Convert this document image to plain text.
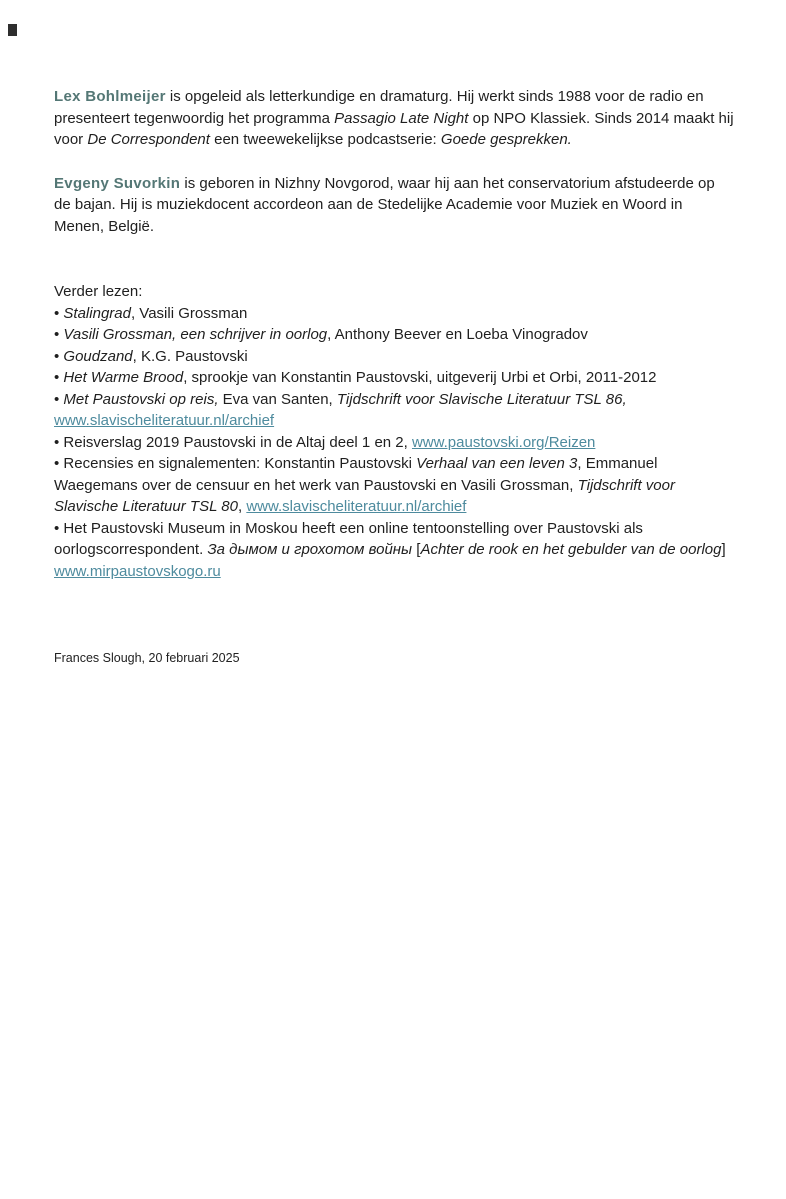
Lex Bohlmeijer is opgeleid als letterkundige en dramaturg. Hij werkt sinds 1988 voor de radio en presenteert tegenwoordig het programma Passagio Late Night op NPO Klassiek. Sinds 2014 maakt hij voor De Correspondent een tweewekelijkse podcastserie: Goede gesprekken.

Evgeny Suvorkin is geboren in Nizhny Novgorod, waar hij aan het conservatorium afstudeerde op de bajan. Hij is muziekdocent accordeon aan de Stedelijke Academie voor Muziek en Woord in Menen, België.

Verder lezen:

• Stalingrad, Vasili Grossman

• Vasili Grossman, een schrijver in oorlog, Anthony Beever en Loeba Vinogradov

• Goudzand, K.G. Paustovski

• Het Warme Brood, sprookje van Konstantin Paustovski, uitgeverij Urbi et Orbi, 2011-2012

• Met Paustovski op reis, Eva van Santen, Tijdschrift voor Slavische Literatuur TSL 86,
www.slavischeliteratuur.nl/archief

• Reisverslag 2019 Paustovski in de Altaj deel 1 en 2, www.paustovski.org/Reizen

• Recensies en signalementen: Konstantin Paustovski Verhaal van een leven 3, Emmanuel Waegemans over de censuur en het werk van Paustovski en Vasili Grossman, Tijdschrift voor Slavische Literatuur TSL 80, www.slavischeliteratuur.nl/archief

• Het Paustovski Museum in Moskou heeft een online tentoonstelling over Paustovski als oorlogscorrespondent. За дымом и грохотом войны [Achter de rook en het gebulder van de oorlog] www.mirpaustovskogo.ru

Frances Slough, 20 februari 2025
